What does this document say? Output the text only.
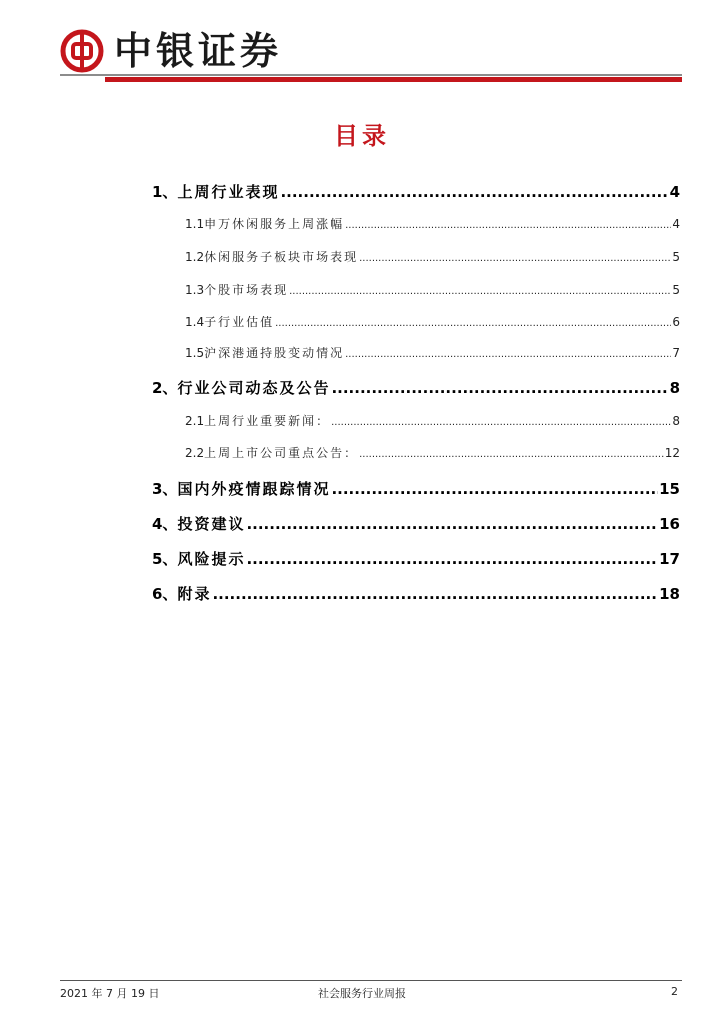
中银证券
目录
1、 上周行业表现 .....	4
1.1 申万休闲服务上周涨幅 .....	4
1.2 休闲服务子板块市场表现 .....	5
1.3 个股市场表现 .....	5
1.4 子行业估值 .....	6
1.5 沪深港通持股变动情况 .....	7
2、 行业公司动态及公告 .....	8
2.1 上周行业重要新闻： .....	8
2.2 上周上市公司重点公告： .....	12
3、 国内外疫情跟踪情况 .....	15
4、 投资建议 .....	16
5、 风险提示 .....	17
6、 附录 .....	18
2021 年 7 月 19 日	社会服务行业周报	2
